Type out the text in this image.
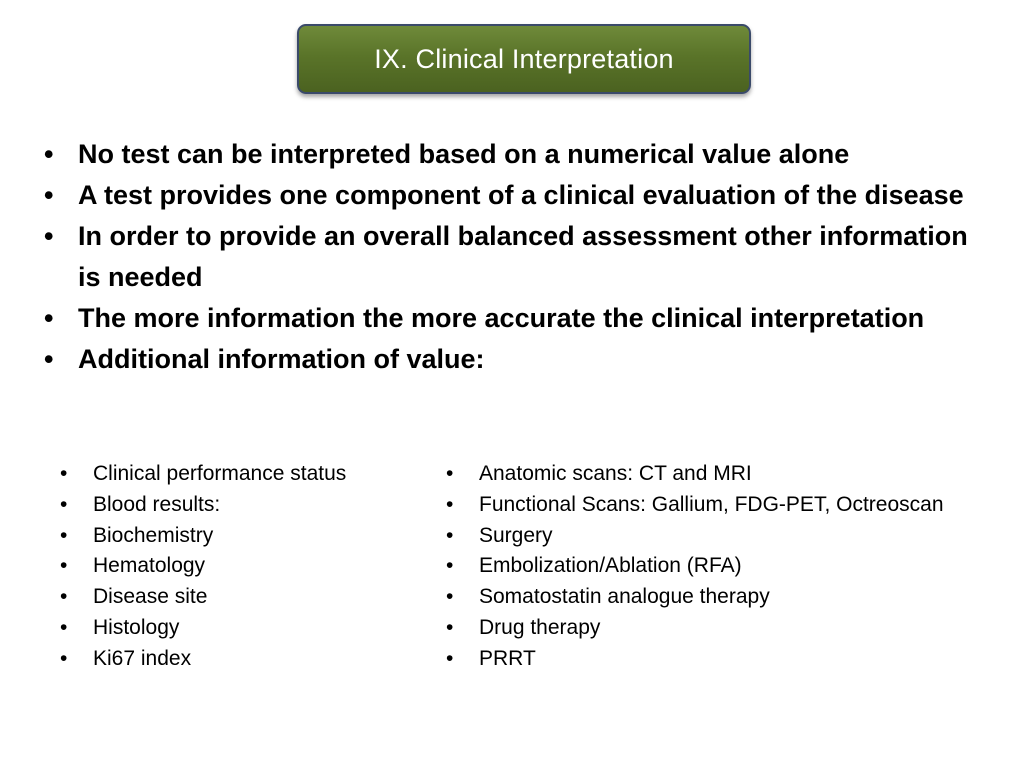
IX. Clinical Interpretation
• No test can be interpreted based on a numerical value alone
• A test provides one component of a clinical evaluation of the disease
• In order to provide an overall balanced assessment other information is needed
• The more information the more accurate the clinical interpretation
• Additional information of value:
• Clinical performance status
• Blood results:
• Biochemistry
• Hematology
• Disease site
• Histology
• Ki67 index
• Anatomic scans: CT and MRI
• Functional Scans: Gallium, FDG-PET, Octreoscan
• Surgery
• Embolization/Ablation (RFA)
• Somatostatin analogue therapy
• Drug therapy
• PRRT
